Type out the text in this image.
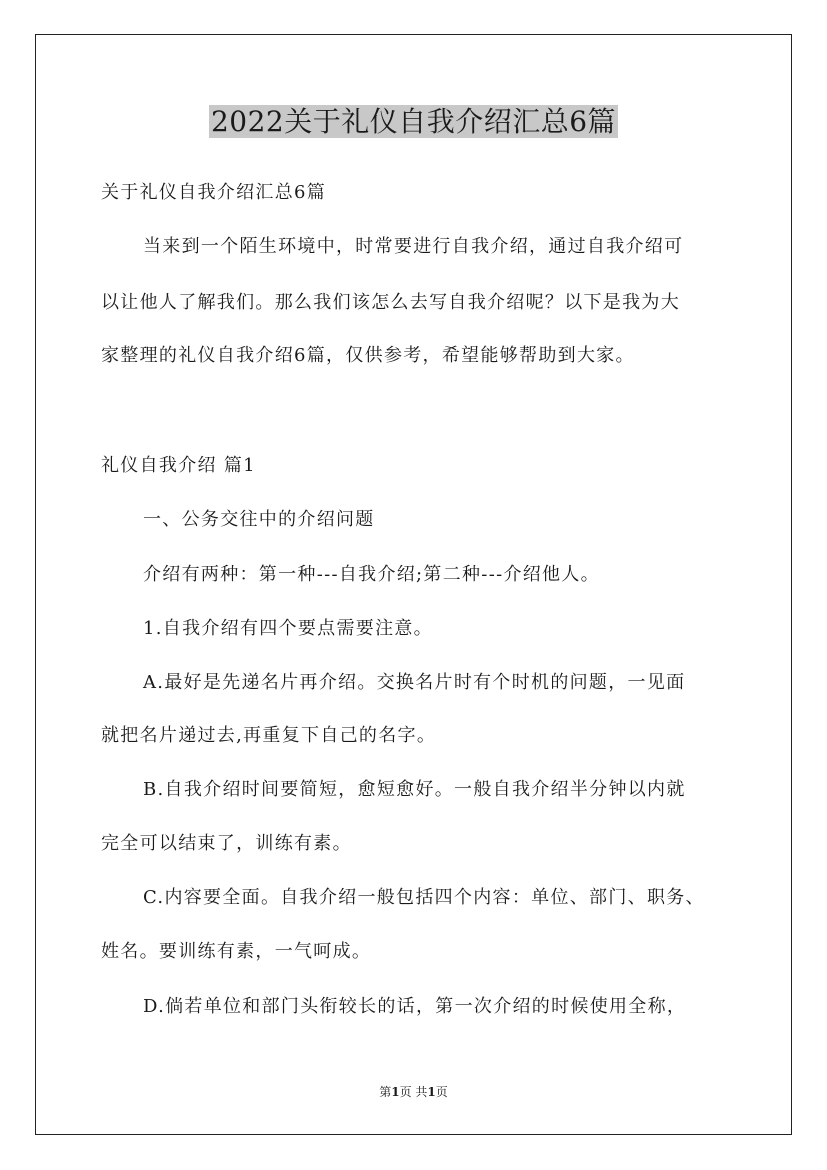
2022关于礼仪自我介绍汇总6篇
关于礼仪自我介绍汇总6篇
当来到一个陌生环境中，时常要进行自我介绍，通过自我介绍可
以让他人了解我们。那么我们该怎么去写自我介绍呢？以下是我为大
家整理的礼仪自我介绍6篇，仅供参考，希望能够帮助到大家。
礼仪自我介绍 篇1
一、公务交往中的介绍问题
介绍有两种：第一种---自我介绍;第二种---介绍他人。
1.自我介绍有四个要点需要注意。
A.最好是先递名片再介绍。交换名片时有个时机的问题，一见面
就把名片递过去,再重复下自己的名字。
B.自我介绍时间要简短，愈短愈好。一般自我介绍半分钟以内就
完全可以结束了，训练有素。
C.内容要全面。自我介绍一般包括四个内容：单位、部门、职务、
姓名。要训练有素，一气呵成。
D.倘若单位和部门头衔较长的话，第一次介绍的时候使用全称，
第1页 共1页
